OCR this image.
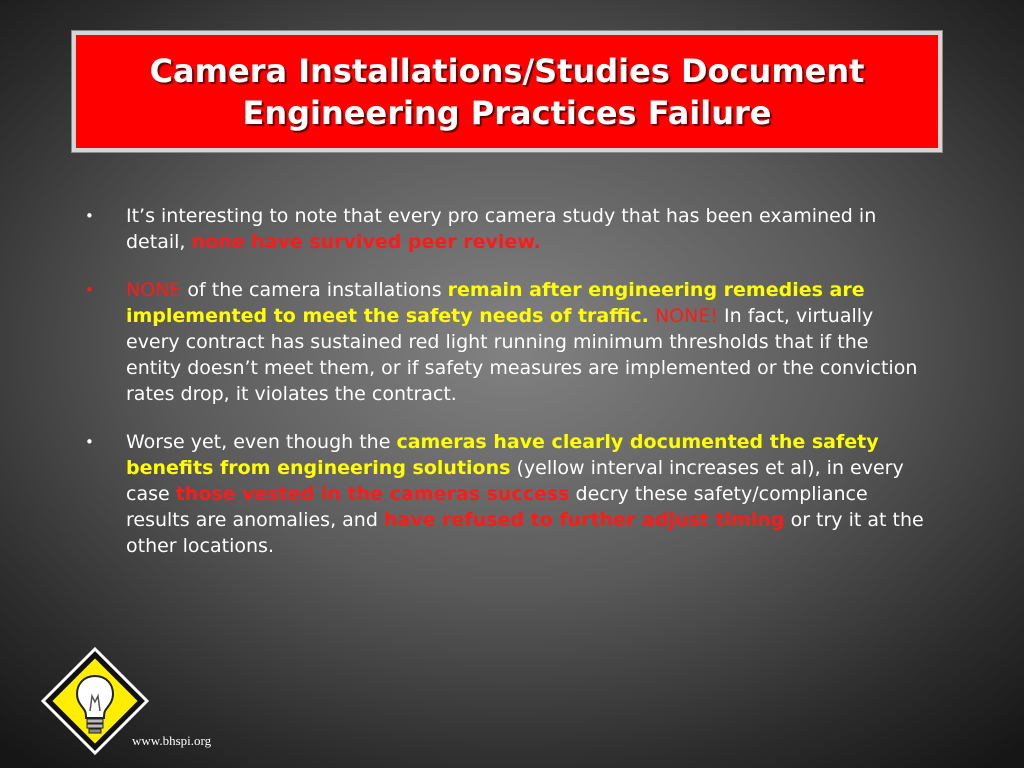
Camera Installations/Studies Document
Engineering Practices Failure
• It’s interesting to note that every pro camera study that has been examined in detail, none have survived peer review.
• NONE of the camera installations remain after engineering remedies are implemented to meet the safety needs of traffic. NONE! In fact, virtually every contract has sustained red light running minimum thresholds that if the entity doesn’t meet them, or if safety measures are implemented or the conviction rates drop, it violates the contract.
• Worse yet, even though the cameras have clearly documented the safety benefits from engineering solutions (yellow interval increases et al), in every case those vested in the cameras success decry these safety/compliance results are anomalies, and have refused to further adjust timing or try it at the other locations.
www.bhspi.org
